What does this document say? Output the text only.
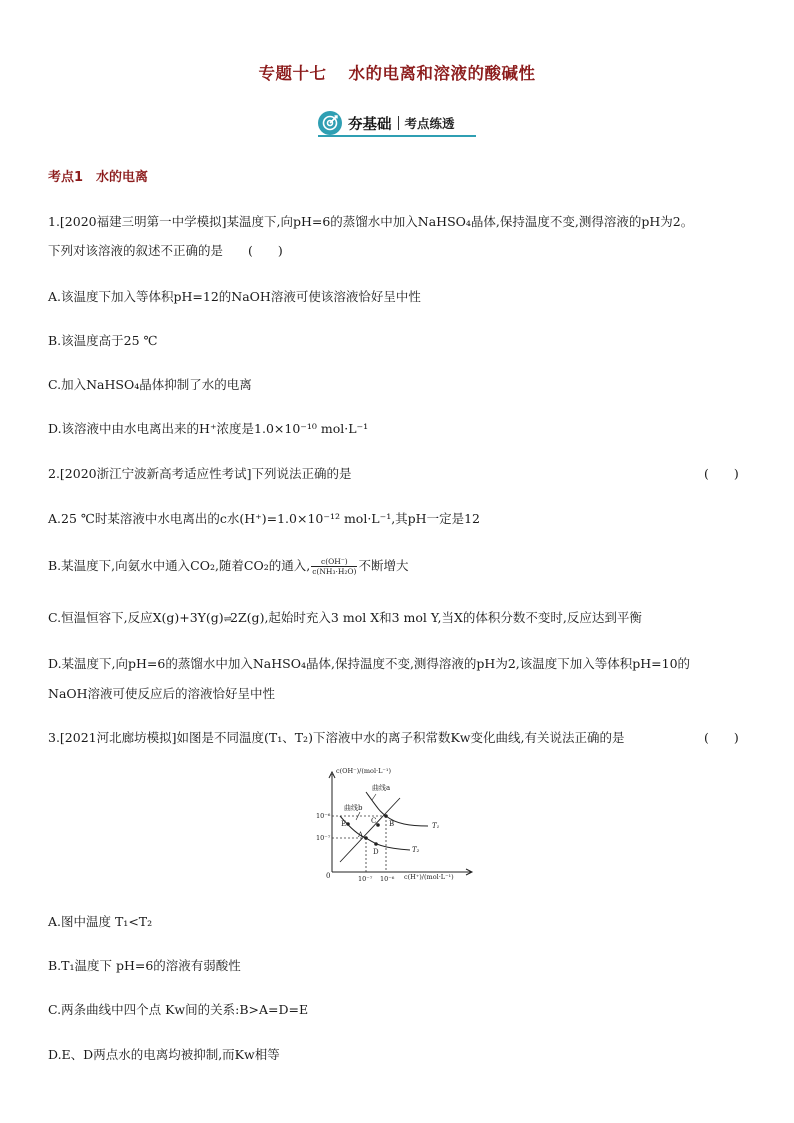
专题十七 水的电离和溶液的酸碱性
夯基础 考点练透
考点1　水的电离
1.[2020福建三明第一中学模拟]某温度下,向pH=6的蒸馏水中加入NaHSO₄晶体,保持温度不变,测得溶液的pH为2。
下列对该溶液的叙述不正确的是　　(　　)
A.该温度下加入等体积pH=12的NaOH溶液可使该溶液恰好呈中性
B.该温度高于25 ℃
C.加入NaHSO₄晶体抑制了水的电离
D.该溶液中由水电离出来的H⁺浓度是1.0×10⁻¹⁰ mol·L⁻¹
2.[2020浙江宁波新高考适应性考试]下列说法正确的是	(　　)
A.25 ℃时某溶液中水电离出的c水(H⁺)=1.0×10⁻¹² mol·L⁻¹,其pH一定是12
B.某温度下,向氨水中通入CO₂,随着CO₂的通入, $\frac{c(OH^-)}{\text{c(NH₃·H₂O)}}$ 不断增大
C.恒温恒容下,反应X(g)+3Y(g)⇌2Z(g),起始时充入3 mol X和3 mol Y,当X的体积分数不变时,反应达到平衡
D.某温度下,向pH=6的蒸馏水中加入NaHSO₄晶体,保持温度不变,测得溶液的pH为2,该温度下加入等体积pH=10的
NaOH溶液可使反应后的溶液恰好呈中性
3.[2021河北廊坊模拟]如图是不同温度(T₁、T₂)下溶液中水的离子积常数Kw变化曲线,有关说法正确的是	(　　)
c(OH⁻)/(mol·L⁻¹)
c(H⁺)/(mol·L⁻¹)
0
10⁻⁶
10⁻⁷
10⁻⁷ 10⁻⁶
曲线a
曲线b
T₁
T₂
A
B
C
D
E
A.图中温度 T₁<T₂
B.T₁温度下 pH=6的溶液有弱酸性
C.两条曲线中四个点 Kw间的关系:B>A=D=E
D.E、D两点水的电离均被抑制,而Kw相等
